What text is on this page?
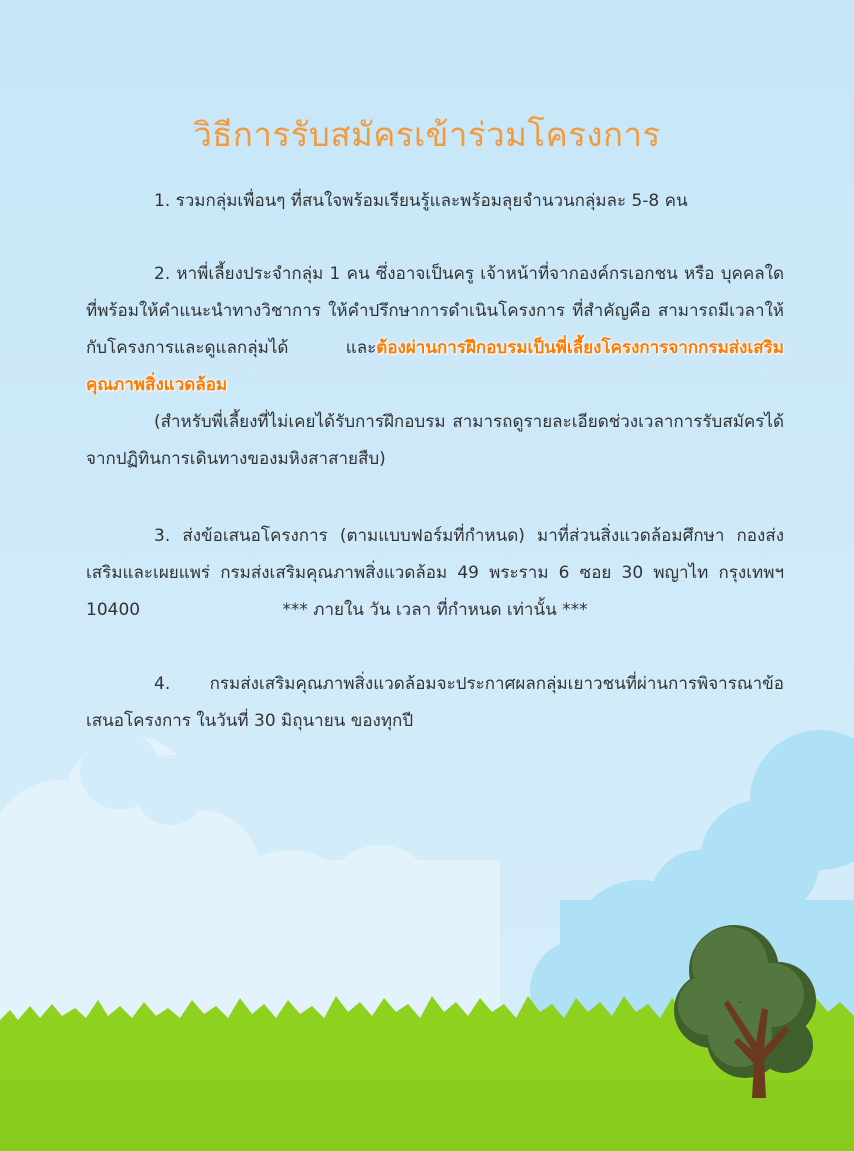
วิธีการรับสมัครเข้าร่วมโครงการ

1. รวมกลุ่มเพื่อนๆ ที่สนใจพร้อมเรียนรู้และพร้อมลุยจำนวนกลุ่มละ 5-8 คน

2. หาพี่เลี้ยงประจำกลุ่ม 1 คน ซึ่งอาจเป็นครู เจ้าหน้าที่จากองค์กรเอกชน หรือ บุคคลใดที่พร้อมให้คำแนะนำทางวิชาการ ให้คำปรึกษาการดำเนินโครงการ ที่สำคัญคือ สามารถมีเวลาให้กับโครงการและดูแลกลุ่มได้ และต้องผ่านการฝึกอบรมเป็นพี่เลี้ยงโครงการจากกรมส่งเสริมคุณภาพสิ่งแวดล้อม

(สำหรับพี่เลี้ยงที่ไม่เคยได้รับการฝึกอบรม สามารถดูรายละเอียดช่วงเวลาการรับสมัครได้จากปฏิทินการเดินทางของมหิงสาสายสืบ)

3. ส่งข้อเสนอโครงการ (ตามแบบฟอร์มที่กำหนด) มาที่ส่วนสิ่งแวดล้อมศึกษา กองส่งเสริมและเผยแพร่ กรมส่งเสริมคุณภาพสิ่งแวดล้อม 49 พระราม 6 ซอย 30 พญาไท กรุงเทพฯ 10400	*** ภายใน วัน เวลา ที่กำหนด เท่านั้น ***

4. กรมส่งเสริมคุณภาพสิ่งแวดล้อมจะประกาศผลกลุ่มเยาวชนที่ผ่านการพิจารณาข้อเสนอโครงการ ในวันที่ 30 มิถุนายน ของทุกปี
